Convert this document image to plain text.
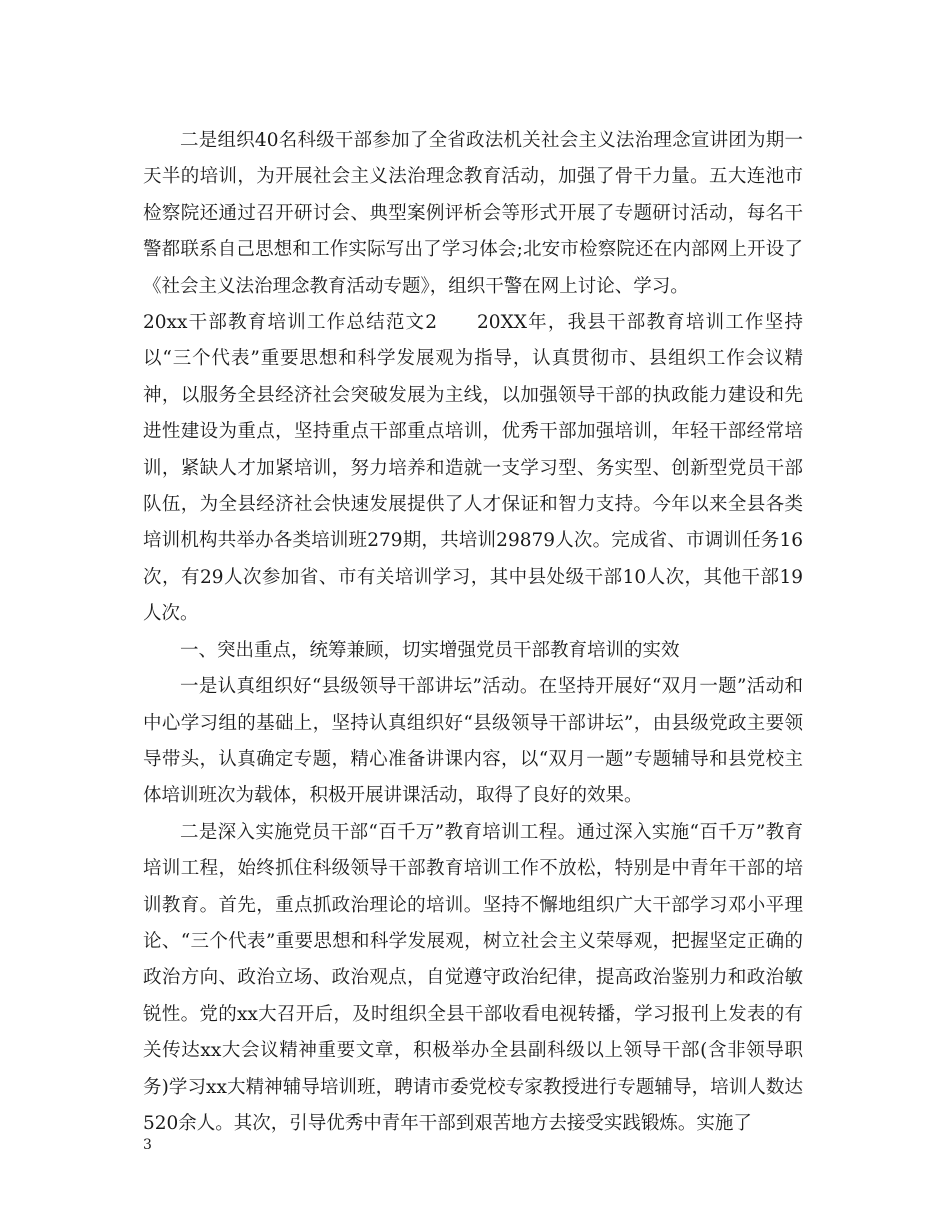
二是组织40名科级干部参加了全省政法机关社会主义法治理念宣讲团为期一天半的培训，为开展社会主义法治理念教育活动，加强了骨干力量。五大连池市检察院还通过召开研讨会、典型案例评析会等形式开展了专题研讨活动，每名干警都联系自己思想和工作实际写出了学习体会;北安市检察院还在内部网上开设了《社会主义法治理念教育活动专题》，组织干警在网上讨论、学习。

20xx干部教育培训工作总结范文2 20XX年，我县干部教育培训工作坚持以“三个代表”重要思想和科学发展观为指导，认真贯彻市、县组织工作会议精神，以服务全县经济社会突破发展为主线，以加强领导干部的执政能力建设和先进性建设为重点，坚持重点干部重点培训，优秀干部加强培训，年轻干部经常培训，紧缺人才加紧培训，努力培养和造就一支学习型、务实型、创新型党员干部队伍，为全县经济社会快速发展提供了人才保证和智力支持。今年以来全县各类培训机构共举办各类培训班279期，共培训29879人次。完成省、市调训任务16次，有29人次参加省、市有关培训学习，其中县处级干部10人次，其他干部19人次。

一、突出重点，统筹兼顾，切实增强党员干部教育培训的实效

一是认真组织好“县级领导干部讲坛”活动。在坚持开展好“双月一题”活动和中心学习组的基础上，坚持认真组织好“县级领导干部讲坛”，由县级党政主要领导带头，认真确定专题，精心准备讲课内容，以“双月一题”专题辅导和县党校主体培训班次为载体，积极开展讲课活动，取得了良好的效果。

二是深入实施党员干部“百千万”教育培训工程。通过深入实施“百千万”教育培训工程，始终抓住科级领导干部教育培训工作不放松，特别是中青年干部的培训教育。首先，重点抓政治理论的培训。坚持不懈地组织广大干部学习邓小平理论、“三个代表”重要思想和科学发展观，树立社会主义荣辱观，把握坚定正确的政治方向、政治立场、政治观点，自觉遵守政治纪律，提高政治鉴别力和政治敏锐性。党的xx大召开后，及时组织全县干部收看电视转播，学习报刊上发表的有关传达xx大会议精神重要文章，积极举办全县副科级以上领导干部(含非领导职务)学习xx大精神辅导培训班，聘请市委党校专家教授进行专题辅导，培训人数达520余人。其次，引导优秀中青年干部到艰苦地方去接受实践锻炼。实施了

3
